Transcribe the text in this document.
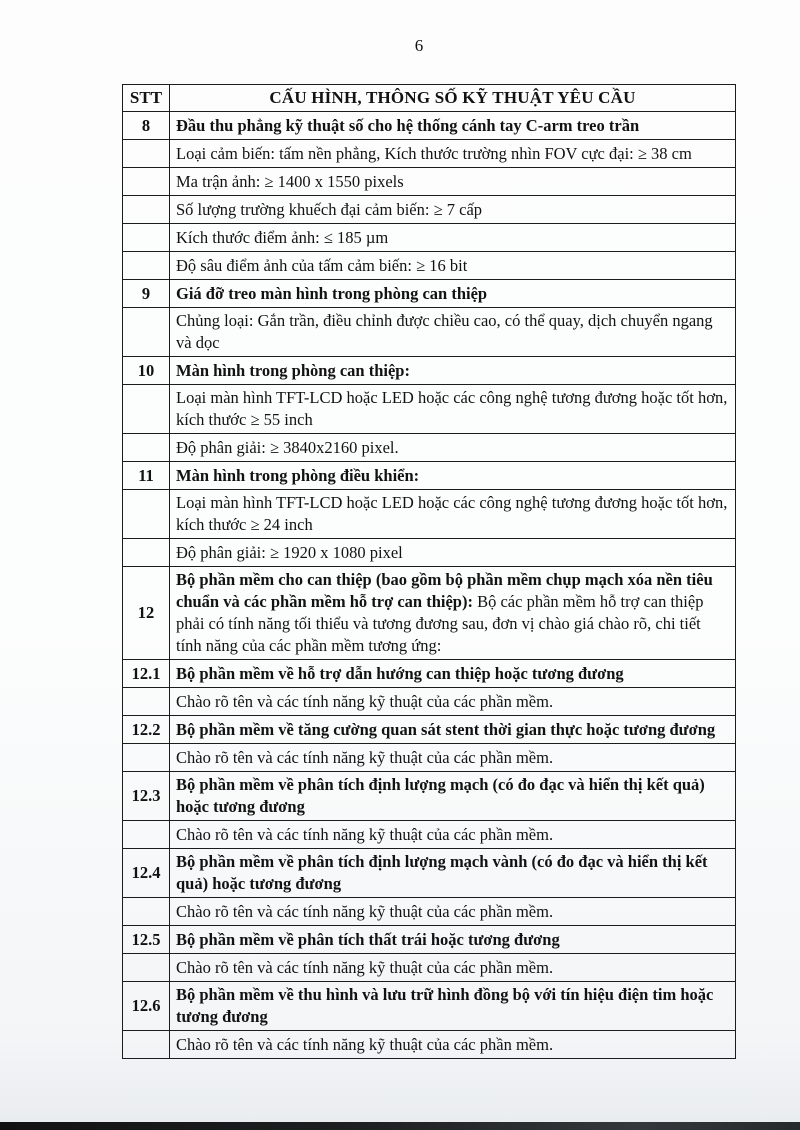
6
STT	CẤU HÌNH, THÔNG SỐ KỸ THUẬT YÊU CẦU
8	Đầu thu phẳng kỹ thuật số cho hệ thống cánh tay C-arm treo trần
	Loại cảm biến: tấm nền phẳng, Kích thước trường nhìn FOV cực đại: ≥ 38 cm
	Ma trận ảnh: ≥ 1400 x 1550 pixels
	Số lượng trường khuếch đại cảm biến: ≥ 7 cấp
	Kích thước điểm ảnh: ≤ 185 µm
	Độ sâu điểm ảnh của tấm cảm biến: ≥ 16 bit
9	Giá đỡ treo màn hình trong phòng can thiệp
	Chủng loại: Gắn trần, điều chỉnh được chiều cao, có thể quay, dịch chuyển ngang và dọc
10	Màn hình trong phòng can thiệp:
	Loại màn hình TFT-LCD hoặc LED hoặc các công nghệ tương đương hoặc tốt hơn, kích thước ≥ 55 inch
	Độ phân giải: ≥ 3840x2160 pixel.
11	Màn hình trong phòng điều khiển:
	Loại màn hình TFT-LCD hoặc LED hoặc các công nghệ tương đương hoặc tốt hơn, kích thước ≥ 24 inch
	Độ phân giải: ≥ 1920 x 1080 pixel
12	Bộ phần mềm cho can thiệp (bao gồm bộ phần mềm chụp mạch xóa nền tiêu chuẩn và các phần mềm hỗ trợ can thiệp): Bộ các phần mềm hỗ trợ can thiệp phải có tính năng tối thiểu và tương đương sau, đơn vị chào giá chào rõ, chi tiết tính năng của các phần mềm tương ứng:
12.1	Bộ phần mềm về hỗ trợ dẫn hướng can thiệp hoặc tương đương
	Chào rõ tên và các tính năng kỹ thuật của các phần mềm.
12.2	Bộ phần mềm về tăng cường quan sát stent thời gian thực hoặc tương đương
	Chào rõ tên và các tính năng kỹ thuật của các phần mềm.
12.3	Bộ phần mềm về phân tích định lượng mạch (có đo đạc và hiển thị kết quả) hoặc tương đương
	Chào rõ tên và các tính năng kỹ thuật của các phần mềm.
12.4	Bộ phần mềm về phân tích định lượng mạch vành (có đo đạc và hiển thị kết quả) hoặc tương đương
	Chào rõ tên và các tính năng kỹ thuật của các phần mềm.
12.5	Bộ phần mềm về phân tích thất trái hoặc tương đương
	Chào rõ tên và các tính năng kỹ thuật của các phần mềm.
12.6	Bộ phần mềm về thu hình và lưu trữ hình đồng bộ với tín hiệu điện tim hoặc tương đương
	Chào rõ tên và các tính năng kỹ thuật của các phần mềm.
